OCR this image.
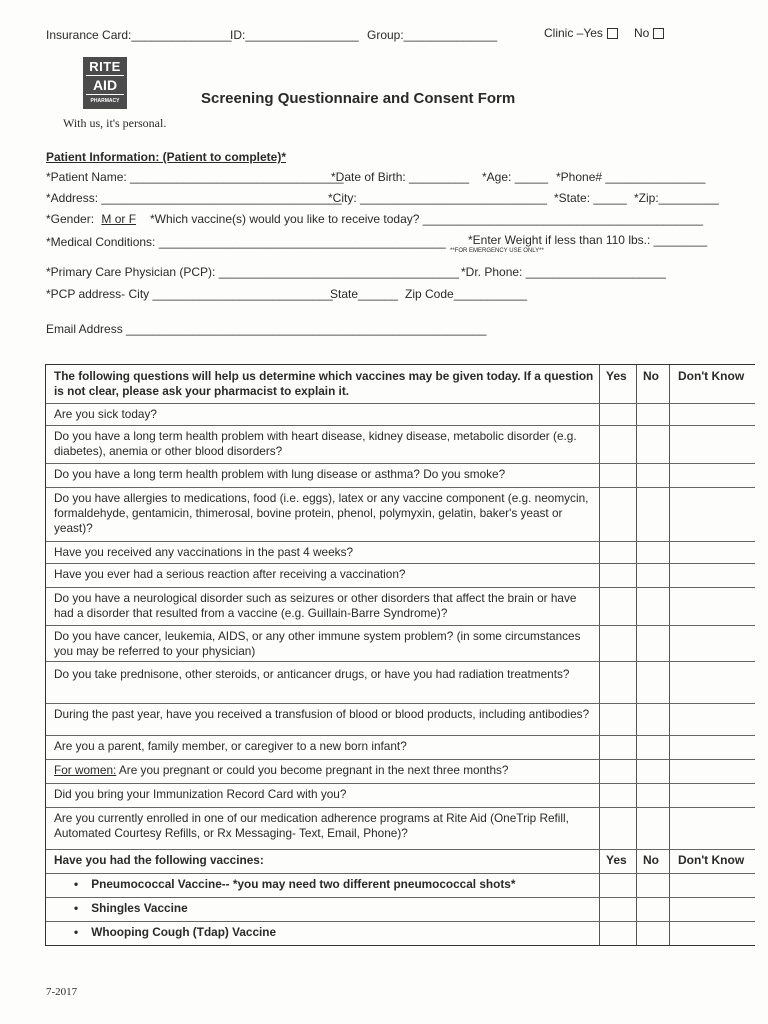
Insurance Card:_______________
ID:_________________ Group:______________	Clinic –Yes	No
RITE
AID
PHARMACY
With us, it's personal.
Screening Questionnaire and Consent Form
Patient Information: (Patient to complete)*
*Patient Name: ________________________________
*Date of Birth: _________ *Age: _____ *Phone# _______________
*Address: ____________________________________
*City: ____________________________ *State: _____ *Zip:_________
*Gender: M or F *Which vaccine(s) would you like to receive today? __________________________________________
*Medical Conditions: ___________________________________________ *Enter Weight if less than 110 lbs.: ________
**FOR EMERGENCY USE ONLY**
*Primary Care Physician (PCP): ____________________________________ *Dr. Phone: _____________________
*PCP address- City ___________________________
State______ Zip Code___________
Email Address ______________________________________________________
The following questions will help us determine which vaccines may be given today. If a question is not clear, please ask your pharmacist to explain it.
Yes No Don't Know
Are you sick today?
Do you have a long term health problem with heart disease, kidney disease, metabolic disorder (e.g. diabetes), anemia or other blood disorders?
Do you have a long term health problem with lung disease or asthma? Do you smoke?
Do you have allergies to medications, food (i.e. eggs), latex or any vaccine component (e.g. neomycin, formaldehyde, gentamicin, thimerosal, bovine protein, phenol, polymyxin, gelatin, baker's yeast or yeast)?
Have you received any vaccinations in the past 4 weeks?
Have you ever had a serious reaction after receiving a vaccination?
Do you have a neurological disorder such as seizures or other disorders that affect the brain or have had a disorder that resulted from a vaccine (e.g. Guillain-Barre Syndrome)?
Do you have cancer, leukemia, AIDS, or any other immune system problem? (in some circumstances you may be referred to your physician)
Do you take prednisone, other steroids, or anticancer drugs, or have you had radiation treatments?
During the past year, have you received a transfusion of blood or blood products, including antibodies?
Are you a parent, family member, or caregiver to a new born infant?
For women: Are you pregnant or could you become pregnant in the next three months?
Did you bring your Immunization Record Card with you?
Are you currently enrolled in one of our medication adherence programs at Rite Aid (OneTrip Refill, Automated Courtesy Refills, or Rx Messaging- Text, Email, Phone)?
Have you had the following vaccines:	Yes No Don't Know
• Pneumococcal Vaccine-- *you may need two different pneumococcal shots*
• Shingles Vaccine
• Whooping Cough (Tdap) Vaccine
7-2017
